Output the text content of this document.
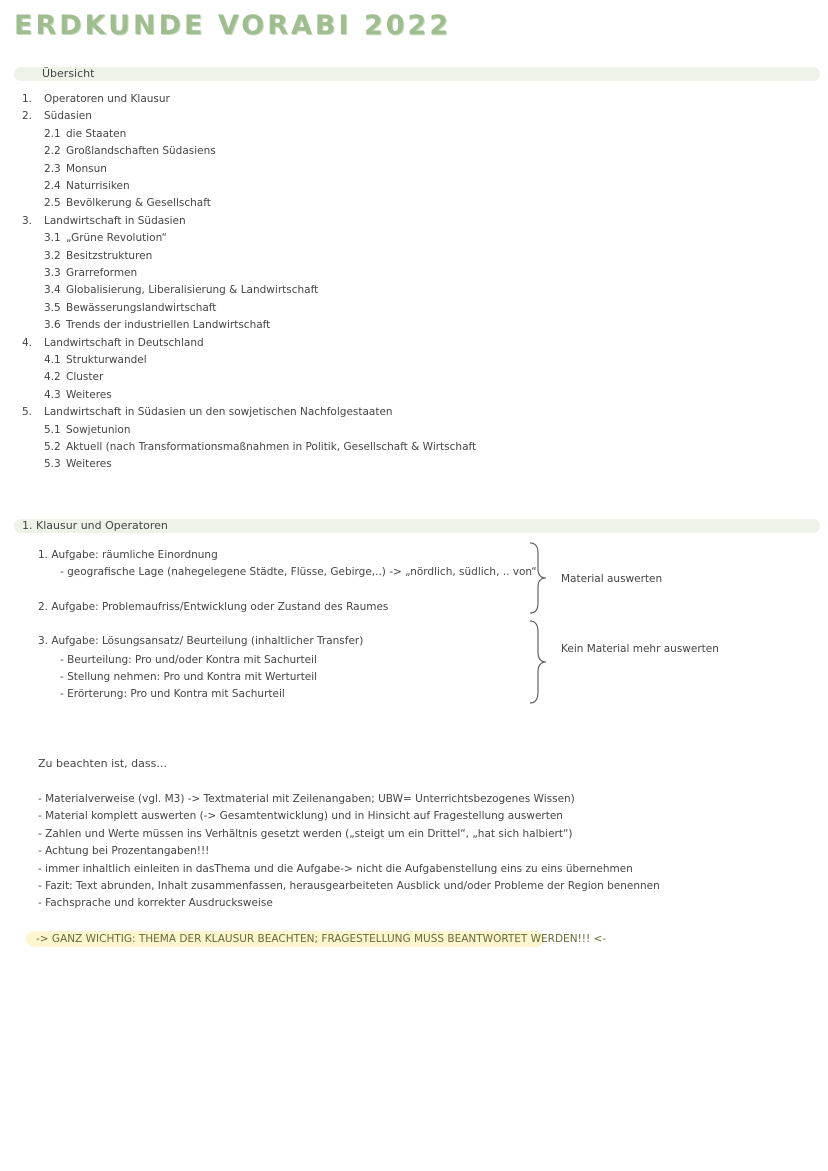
ERDKUNDE VORABI 2022
Übersicht
1. Operatoren und Klausur
2. Südasien
2.1 die Staaten
2.2 Großlandschaften Südasiens
2.3 Monsun
2.4 Naturrisiken
2.5 Bevölkerung & Gesellschaft
3. Landwirtschaft in Südasien
3.1 „Grüne Revolution“
3.2 Besitzstrukturen
3.3 Grarreformen
3.4 Globalisierung, Liberalisierung & Landwirtschaft
3.5 Bewässerungslandwirtschaft
3.6 Trends der industriellen Landwirtschaft
4. Landwirtschaft in Deutschland
4.1 Strukturwandel
4.2 Cluster
4.3 Weiteres
5. Landwirtschaft in Südasien un den sowjetischen Nachfolgestaaten
5.1 Sowjetunion
5.2 Aktuell (nach Transformationsmaßnahmen in Politik, Gesellschaft & Wirtschaft
5.3 Weiteres
1. Klausur und Operatoren
1. Aufgabe: räumliche Einordnung
- geografische Lage (nahegelegene Städte, Flüsse, Gebirge,..) -> „nördlich, südlich, .. von“
2. Aufgabe: Problemaufriss/Entwicklung oder Zustand des Raumes
3. Aufgabe: Lösungsansatz/ Beurteilung (inhaltlicher Transfer)
- Beurteilung: Pro und/oder Kontra mit Sachurteil
- Stellung nehmen: Pro und Kontra mit Werturteil
- Erörterung: Pro und Kontra mit Sachurteil
Material auswerten
Kein Material mehr auswerten
Zu beachten ist, dass...
- Materialverweise (vgl. M3) -> Textmaterial mit Zeilenangaben; UBW= Unterrichtsbezogenes Wissen)
- Material komplett auswerten (-> Gesamtentwicklung) und in Hinsicht auf Fragestellung auswerten
- Zahlen und Werte müssen ins Verhältnis gesetzt werden („steigt um ein Drittel“, „hat sich halbiert“)
- Achtung bei Prozentangaben!!!
- immer inhaltlich einleiten in dasThema und die Aufgabe-> nicht die Aufgabenstellung eins zu eins übernehmen
- Fazit: Text abrunden, Inhalt zusammenfassen, herausgearbeiteten Ausblick und/oder Probleme der Region benennen
- Fachsprache und korrekter Ausdrucksweise
-> GANZ WICHTIG: THEMA DER KLAUSUR BEACHTEN; FRAGESTELLUNG MUSS BEANTWORTET WERDEN!!! <-
